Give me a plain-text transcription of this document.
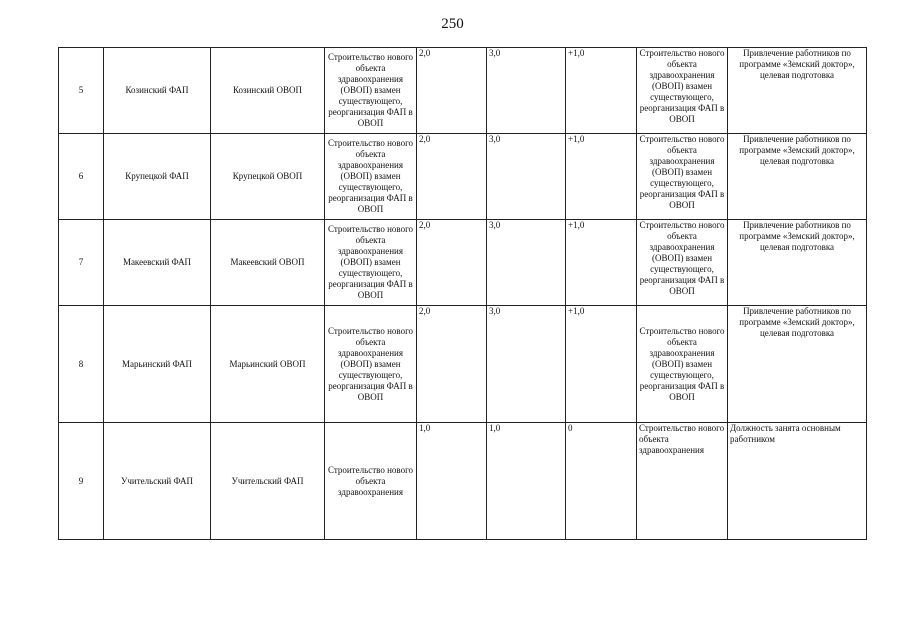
250
5	Козинский ФАП	Козинский ОВОП	Строительство нового объекта здравоохранения (ОВОП) взамен существующего, реорганизация ФАП в ОВОП	2,0	3,0	+1,0	Строительство нового объекта здравоохранения (ОВОП) взамен существующего, реорганизация ФАП в ОВОП	Привлечение работников по программе «Земский доктор», целевая подготовка
6	Крупецкой ФАП	Крупецкой ОВОП	Строительство нового объекта здравоохранения (ОВОП) взамен существующего, реорганизация ФАП в ОВОП	2,0	3,0	+1,0	Строительство нового объекта здравоохранения (ОВОП) взамен существующего, реорганизация ФАП в ОВОП	Привлечение работников по программе «Земский доктор», целевая подготовка
7	Макеевский ФАП	Макеевский ОВОП	Строительство нового объекта здравоохранения (ОВОП) взамен существующего, реорганизация ФАП в ОВОП	2,0	3,0	+1,0	Строительство нового объекта здравоохранения (ОВОП) взамен существующего, реорганизация ФАП в ОВОП	Привлечение работников по программе «Земский доктор», целевая подготовка
8	Марьинский ФАП	Марьинский ОВОП	Строительство нового объекта здравоохранения (ОВОП) взамен существующего, реорганизация ФАП в ОВОП	2,0	3,0	+1,0	Строительство нового объекта здравоохранения (ОВОП) взамен существующего, реорганизация ФАП в ОВОП	Привлечение работников по программе «Земский доктор», целевая подготовка
9	Учительский ФАП	Учительский ФАП	Строительство нового объекта здравоохранения	1,0	1,0	0	Строительство нового объекта здравоохранения	Должность занята основным работником
